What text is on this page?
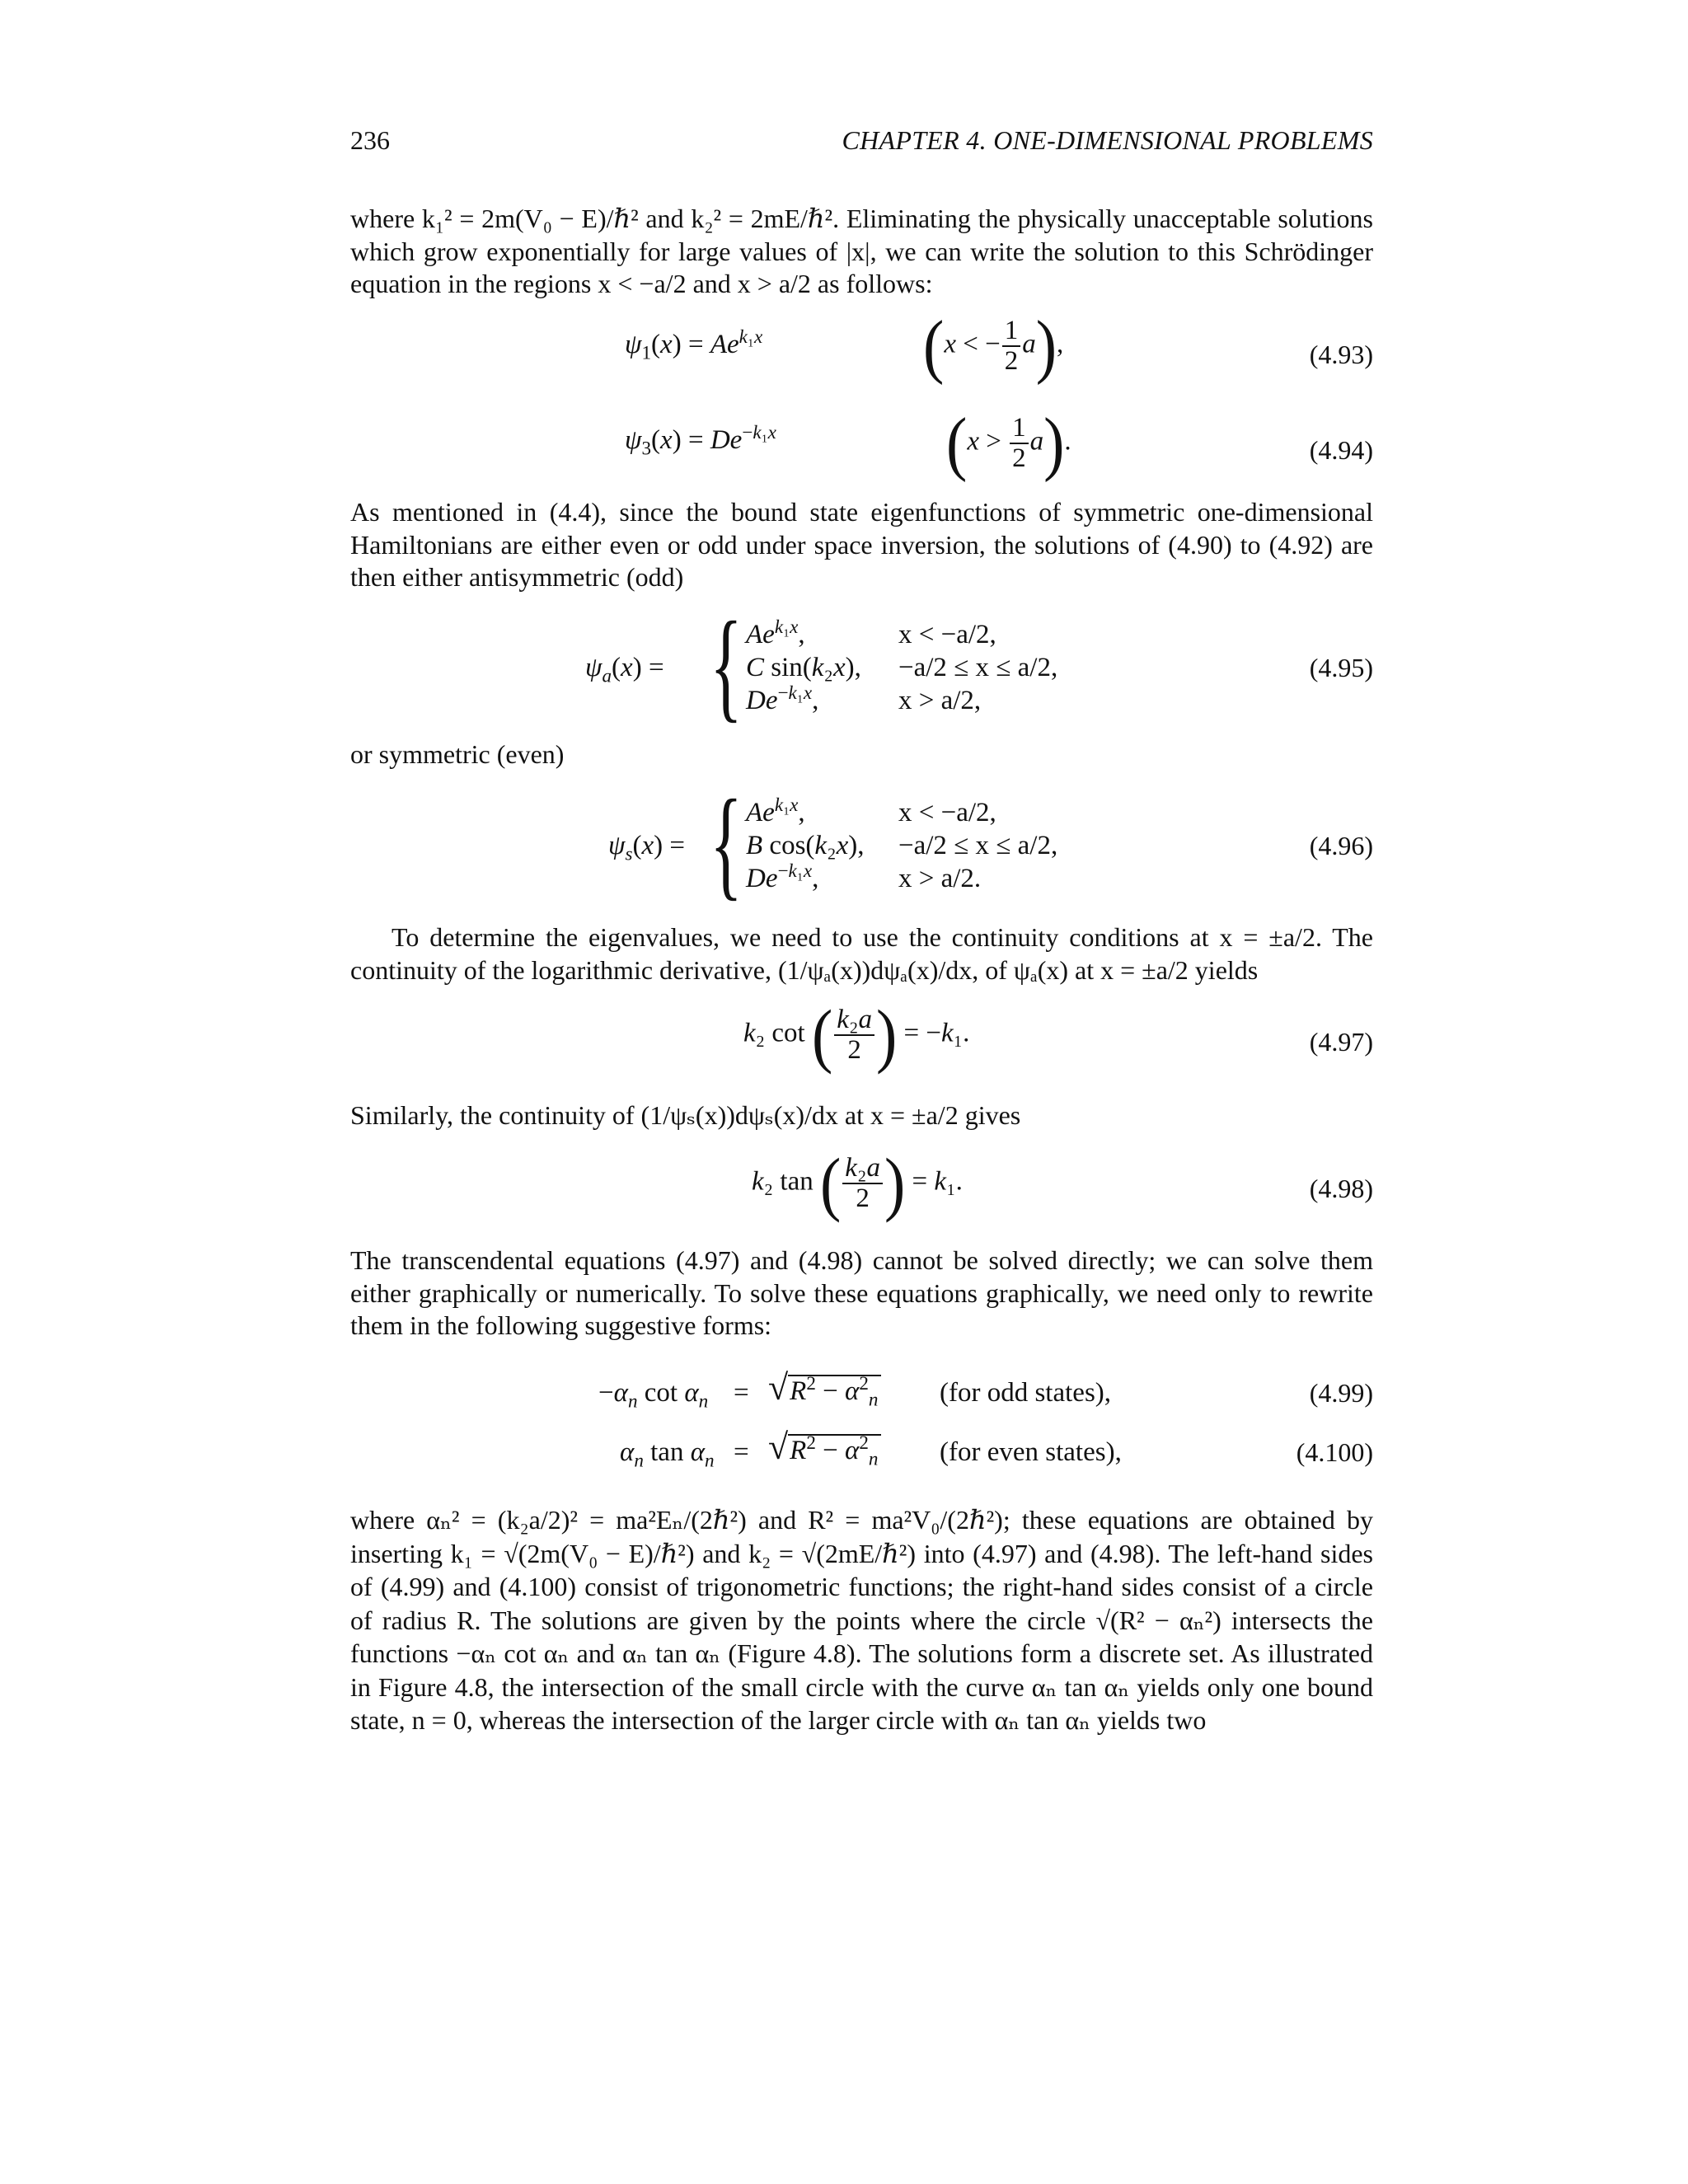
236	CHAPTER 4. ONE-DIMENSIONAL PROBLEMS
where k₁² = 2m(V₀ − E)/ℏ² and k₂² = 2mE/ℏ². Eliminating the physically unacceptable solutions which grow exponentially for large values of |x|, we can write the solution to this Schrödinger equation in the regions x < −a/2 and x > a/2 as follows:
$\psi_1(x) = Ae^{k_1x}$	(x < − $\frac{1}{2} a$),	(4.93)
$\psi_3(x) = De^{-k_1x}$	$(x > \frac{1}{2} a)$.	(4.94)
As mentioned in (4.4), since the bound state eigenfunctions of symmetric one-dimensional Hamiltonians are either even or odd under space inversion, the solutions of (4.90) to (4.92) are then either antisymmetric (odd)
$\psi_a(x)$ = { $Ae^{k_1x}$,	x < −a/2,
C sin(k₂x), −a/2 ≤ x ≤ a/2,
$De^{-k_1x}$,	x > a/2,
(4.95)
or symmetric (even)
$\psi_s(x)$ = { $Ae^{k_1x}$,	x < −a/2,
B cos(k₂x), −a/2 ≤ x ≤ a/2,
$De^{-k_1x}$,	x > a/2.
(4.96)
To determine the eigenvalues, we need to use the continuity conditions at x = ±a/2. The continuity of the logarithmic derivative, (1/ψₐ(x))dψₐ(x)/dx, of ψₐ(x) at x = ±a/2 yields
k₂ cot ( $\frac{\text{k₂a}}{2}$ ) = −k₁.	(4.97)
Similarly, the continuity of (1/ψₛ(x))dψₛ(x)/dx at x = ±a/2 gives
k₂ tan ( $\frac{\text{k₂a}}{2}$ ) = k₁.	(4.98)
The transcendental equations (4.97) and (4.98) cannot be solved directly; we can solve them either graphically or numerically. To solve these equations graphically, we need only to rewrite them in the following suggestive forms:
$-\alpha_n$ $\cot \alpha_n = √R^2 - \alpha^2_n$ (for odd states),	(4.99)
$\alpha_n$ $\tan \alpha_n = √R^2 - \alpha^2_n$ (for even states),	(4.100)
where αₙ² = (k₂a/2)² = ma²Eₙ/(2ℏ²) and R² = ma²V₀/(2ℏ²); these equations are obtained by inserting k₁ = √(2m(V₀ − E)/ℏ²) and k₂ = √(2mE/ℏ²) into (4.97) and (4.98). The left-hand sides of (4.99) and (4.100) consist of trigonometric functions; the right-hand sides consist of a circle of radius R. The solutions are given by the points where the circle √(R² − αₙ²) intersects the functions −αₙ cot αₙ and αₙ tan αₙ (Figure 4.8). The solutions form a discrete set. As illustrated in Figure 4.8, the intersection of the small circle with the curve αₙ tan αₙ yields only one bound state, n = 0, whereas the intersection of the larger circle with αₙ tan αₙ yields two
